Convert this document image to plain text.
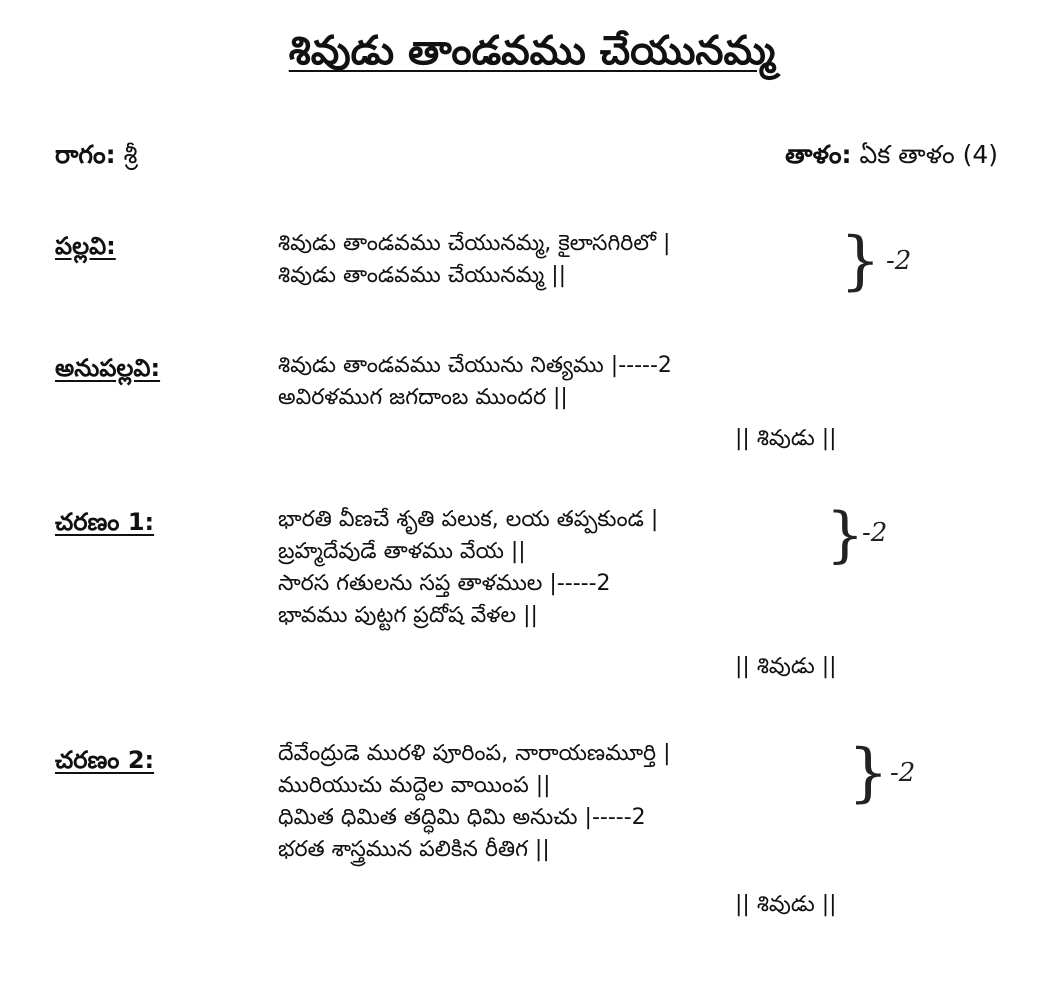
శివుడు తాండవము చేయునమ్మ
రాగం: శ్రీ	తాళం: ఏక తాళం (4)
పల్లవి:	శివుడు తాండవము చేయునమ్మ, కైలాసగిరిలో |
శివుడు తాండవము చేయునమ్మ ||	} -2
అనుపల్లవి:	శివుడు తాండవము చేయును నిత్యము |-----2
అవిరళముగ జగదాంబ ముందర ||
|| శివుడు ||
చరణం 1:	భారతి వీణచే శృతి పలుక, లయ తప్పకుండ |
బ్రహ్మదేవుడే తాళము వేయ ||
సారస గతులను సప్త తాళముల |-----2
భావము పుట్టగ ప్రదోష వేళల ||
}
-2
|| శివుడు ||
చరణం 2:	దేవేంద్రుడె మురళి పూరింప, నారాయణమూర్తి |
మురియుచు మద్దెల వాయింప ||
ధిమిత ధిమిత తద్ధిమి ధిమి అనుచు |-----2
భరత శాస్త్రమున పలికిన రీతిగ ||
} -2
|| శివుడు ||
